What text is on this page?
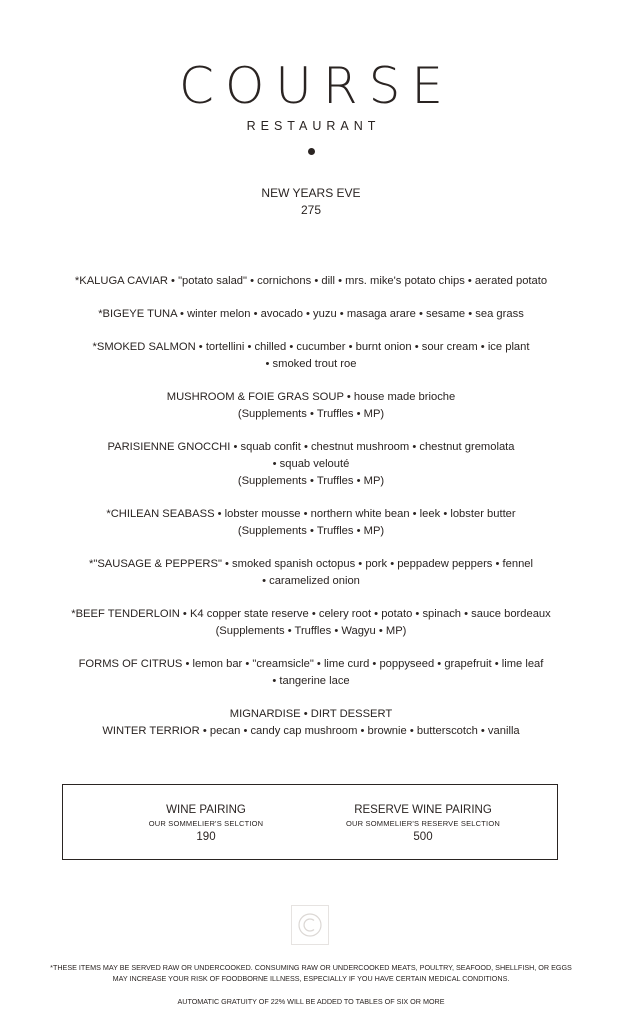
COURSE
RESTAURANT
NEW YEARS EVE
275
*KALUGA CAVIAR • "potato salad" • cornichons • dill • mrs. mike's potato chips • aerated potato
*BIGEYE TUNA • winter melon • avocado • yuzu • masaga arare • sesame • sea grass
*SMOKED SALMON • tortellini • chilled • cucumber • burnt onion • sour cream • ice plant
• smoked trout roe
MUSHROOM & FOIE GRAS SOUP • house made brioche
(Supplements • Truffles • MP)
PARISIENNE GNOCCHI • squab confit • chestnut mushroom • chestnut gremolata
• squab velouté
(Supplements • Truffles • MP)
*CHILEAN SEABASS • lobster mousse • northern white bean • leek • lobster butter
(Supplements • Truffles • MP)
*"SAUSAGE & PEPPERS" • smoked spanish octopus • pork • peppadew peppers • fennel
• caramelized onion
*BEEF TENDERLOIN • K4 copper state reserve • celery root • potato • spinach • sauce bordeaux
(Supplements • Truffles • Wagyu • MP)
FORMS OF CITRUS • lemon bar • "creamsicle" • lime curd • poppyseed • grapefruit • lime leaf
• tangerine lace
MIGNARDISE • DIRT DESSERT
WINTER TERRIOR • pecan • candy cap mushroom • brownie • butterscotch • vanilla
WINE PAIRING
OUR SOMMELIER'S SELCTION
190
RESERVE WINE PAIRING
OUR SOMMELIER'S RESERVE SELCTION
500
*THESE ITEMS MAY BE SERVED RAW OR UNDERCOOKED. CONSUMING RAW OR UNDERCOOKED MEATS, POULTRY, SEAFOOD, SHELLFISH, OR EGGS
MAY INCREASE YOUR RISK OF FOODBORNE ILLNESS, ESPECIALLY IF YOU HAVE CERTAIN MEDICAL CONDITIONS.
AUTOMATIC GRATUITY OF 22% WILL BE ADDED TO TABLES OF SIX OR MORE
